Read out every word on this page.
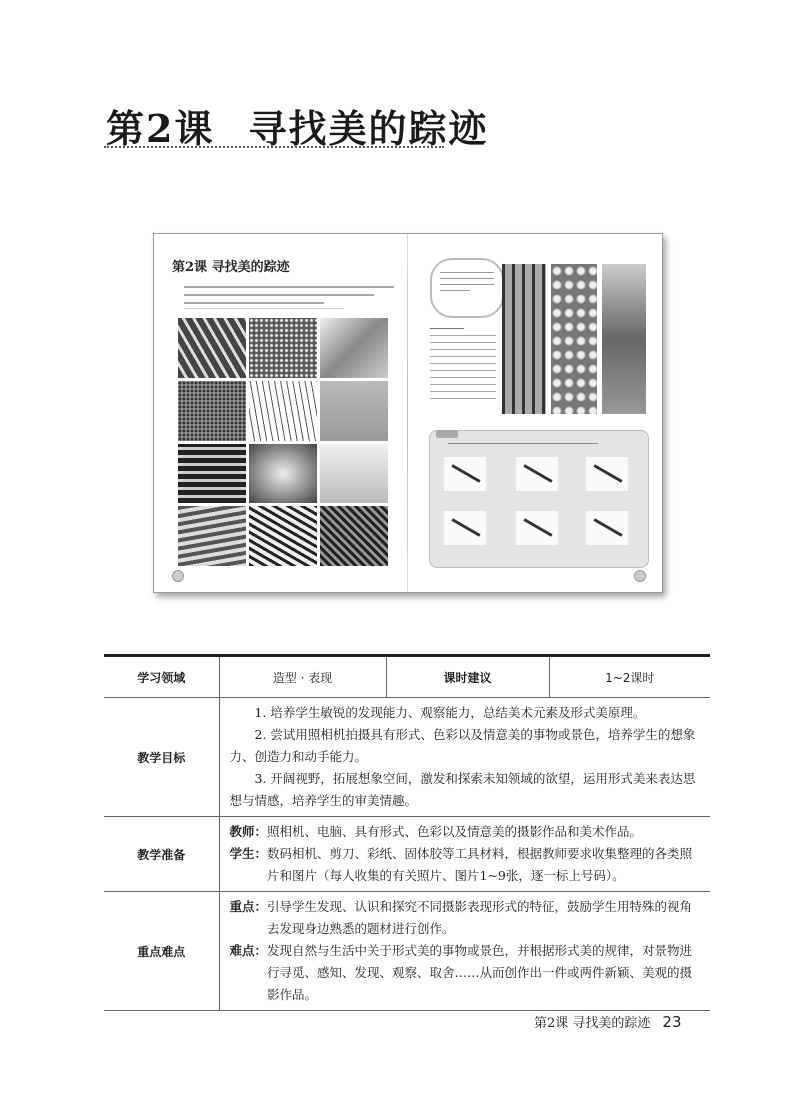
第2课 寻找美的踪迹
第2课 寻找美的踪迹
学习领域	造型 · 表现	课时建议	1~2课时
教学目标	1. 培养学生敏锐的发现能力、观察能力，总结美术元素及形式美原理。

2. 尝试用照相机拍摄具有形式、色彩以及情意美的事物或景色，培养学生的想象力、创造力和动手能力。

3. 开阔视野，拓展想象空间，激发和探索未知领域的欲望，运用形式美来表达思想与情感，培养学生的审美情趣。		

教学准备	教师：照相机、电脑、具有形式、色彩以及情意美的摄影作品和美术作品。

学生：数码相机、剪刀、彩纸、固体胶等工具材料，根据教师要求收集整理的各类照片和图片（每人收集的有关照片、图片1~9张，逐一标上号码）。		

重点难点	重点：引导学生发现、认识和探究不同摄影表现形式的特征，鼓励学生用特殊的视角去发现身边熟悉的题材进行创作。

难点：发现自然与生活中关于形式美的事物或景色，并根据形式美的规律，对景物进行寻觅、感知、发现、观察、取舍……从而创作出一件或两件新颖、美观的摄影作品。		

第2课 寻找美的踪迹 23
